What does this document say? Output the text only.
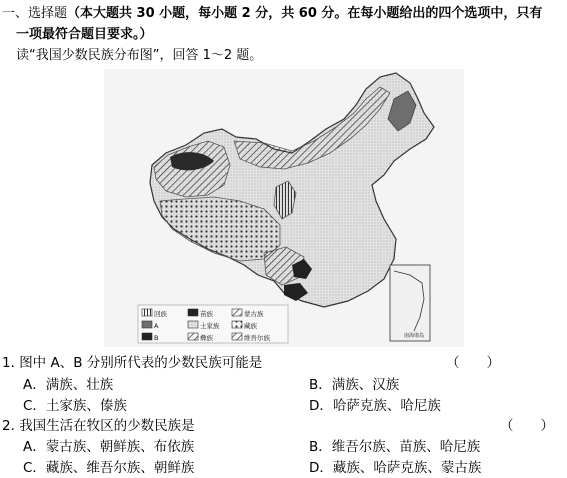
一、选择题（本大题共 30 小题，每小题 2 分，共 60 分。在每小题给出的四个选项中，只有
一项最符合题目要求。）
读“我国少数民族分布图”，回答 1～2 题。
回族	苗族	蒙古族
A	土家族	藏族
B	彝族	维吾尔族	南海诸岛
1. 图中 A、B 分别所代表的少数民族可能是	（　　）
A．满族、壮族	B．满族、汉族
C．土家族、傣族	D．哈萨克族、哈尼族
2. 我国生活在牧区的少数民族是	（　　）
A．蒙古族、朝鲜族、布依族	B．维吾尔族、苗族、哈尼族
C．藏族、维吾尔族、朝鲜族	D．藏族、哈萨克族、蒙古族
